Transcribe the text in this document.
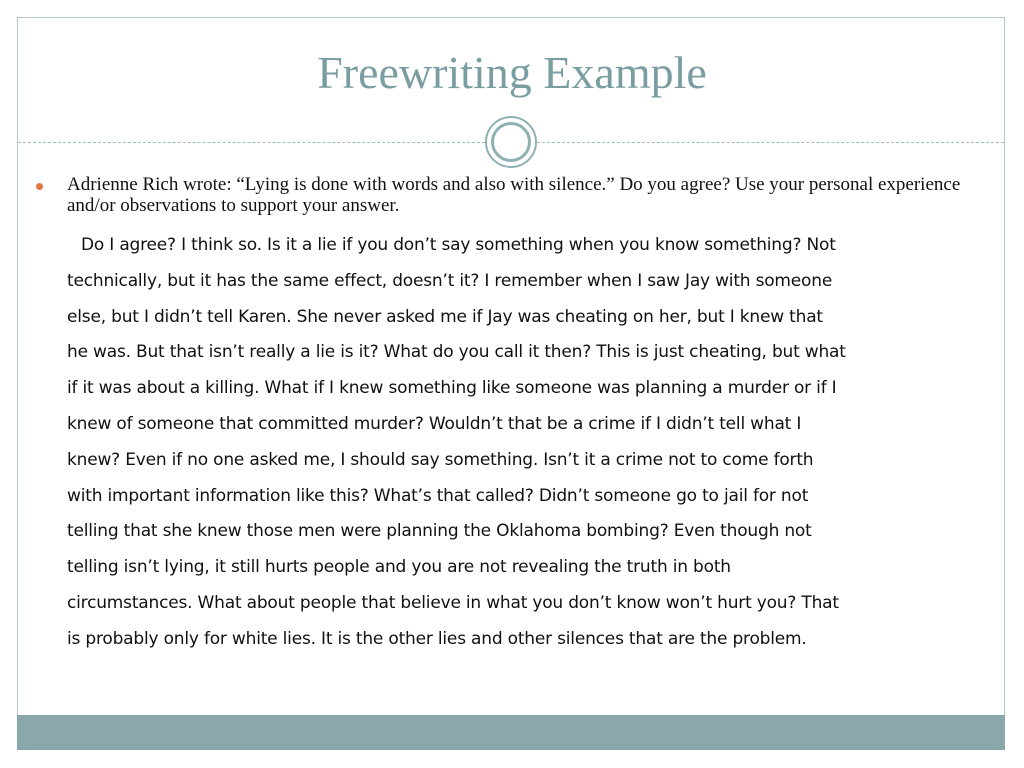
Freewriting Example
Adrienne Rich wrote: “Lying is done with words and also with silence.” Do you agree? Use your personal experience and/or observations to support your answer.
Do I agree? I think so. Is it a lie if you don’t say something when you know something? Not
technically, but it has the same effect, doesn’t it? I remember when I saw Jay with someone
else, but I didn’t tell Karen. She never asked me if Jay was cheating on her, but I knew that
he was. But that isn’t really a lie is it? What do you call it then? This is just cheating, but what
if it was about a killing. What if I knew something like someone was planning a murder or if I
knew of someone that committed murder? Wouldn’t that be a crime if I didn’t tell what I
knew? Even if no one asked me, I should say something. Isn’t it a crime not to come forth
with important information like this? What’s that called? Didn’t someone go to jail for not
telling that she knew those men were planning the Oklahoma bombing? Even though not
telling isn’t lying, it still hurts people and you are not revealing the truth in both
circumstances. What about people that believe in what you don’t know won’t hurt you? That
is probably only for white lies. It is the other lies and other silences that are the problem.
